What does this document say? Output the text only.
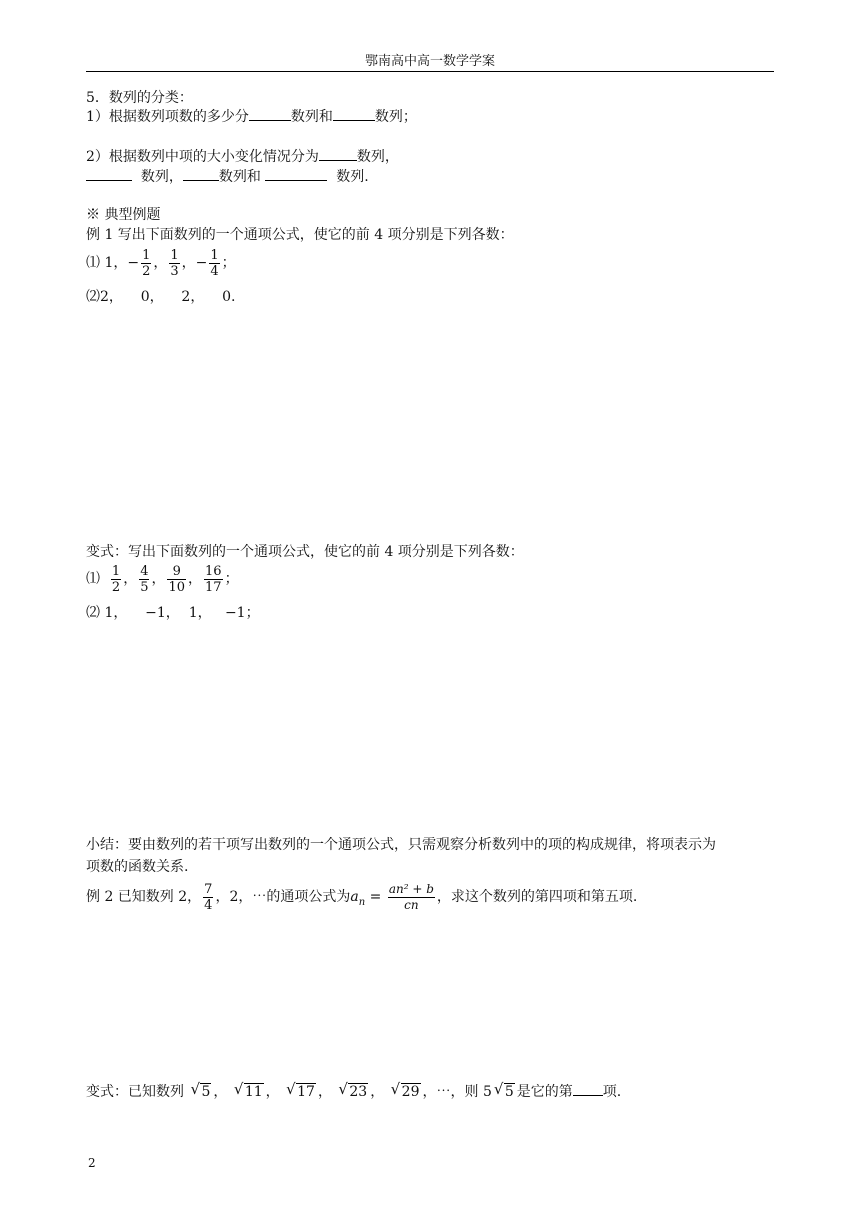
鄂南高中高一数学学案
5．数列的分类：
1）根据数列项数的多少分	数列和	数列；
2）根据数列中项的大小变化情况分为	数列，
数列，	数列和	数列.
※ 典型例题
例 1 写出下面数列的一个通项公式，使它的前 4 项分别是下列各数：
⑴ 1，− $\frac{1}{2}$ ， $\frac{1}{3}$ ，− $\frac{1}{4}$ ；
⑵2，    0，    2，    0.
变式：写出下面数列的一个通项公式，使它的前 4 项分别是下列各数：
⑴ $\frac{1}{2}$ ， $\frac{4}{5}$ ， $\frac{9}{10}$ ， $\frac{16}{17}$ ；
⑵ 1，    −1，  1，   −1；
小结：要由数列的若干项写出数列的一个通项公式，只需观察分析数列中的项的构成规律，将项表示为
项数的函数关系.
例 2 已知数列 2， $\frac{7}{4}$ ，2，⋯的通项公式为$a_n = \frac{\text{an² + b}}{cn}$ ，求这个数列的第四项和第五项.
变式：已知数列 √ 5 ， √ 11 ， √ 17 ， √ 23 ， √ 29 ，⋯，则 5 √ 5 是它的第 项.
2
